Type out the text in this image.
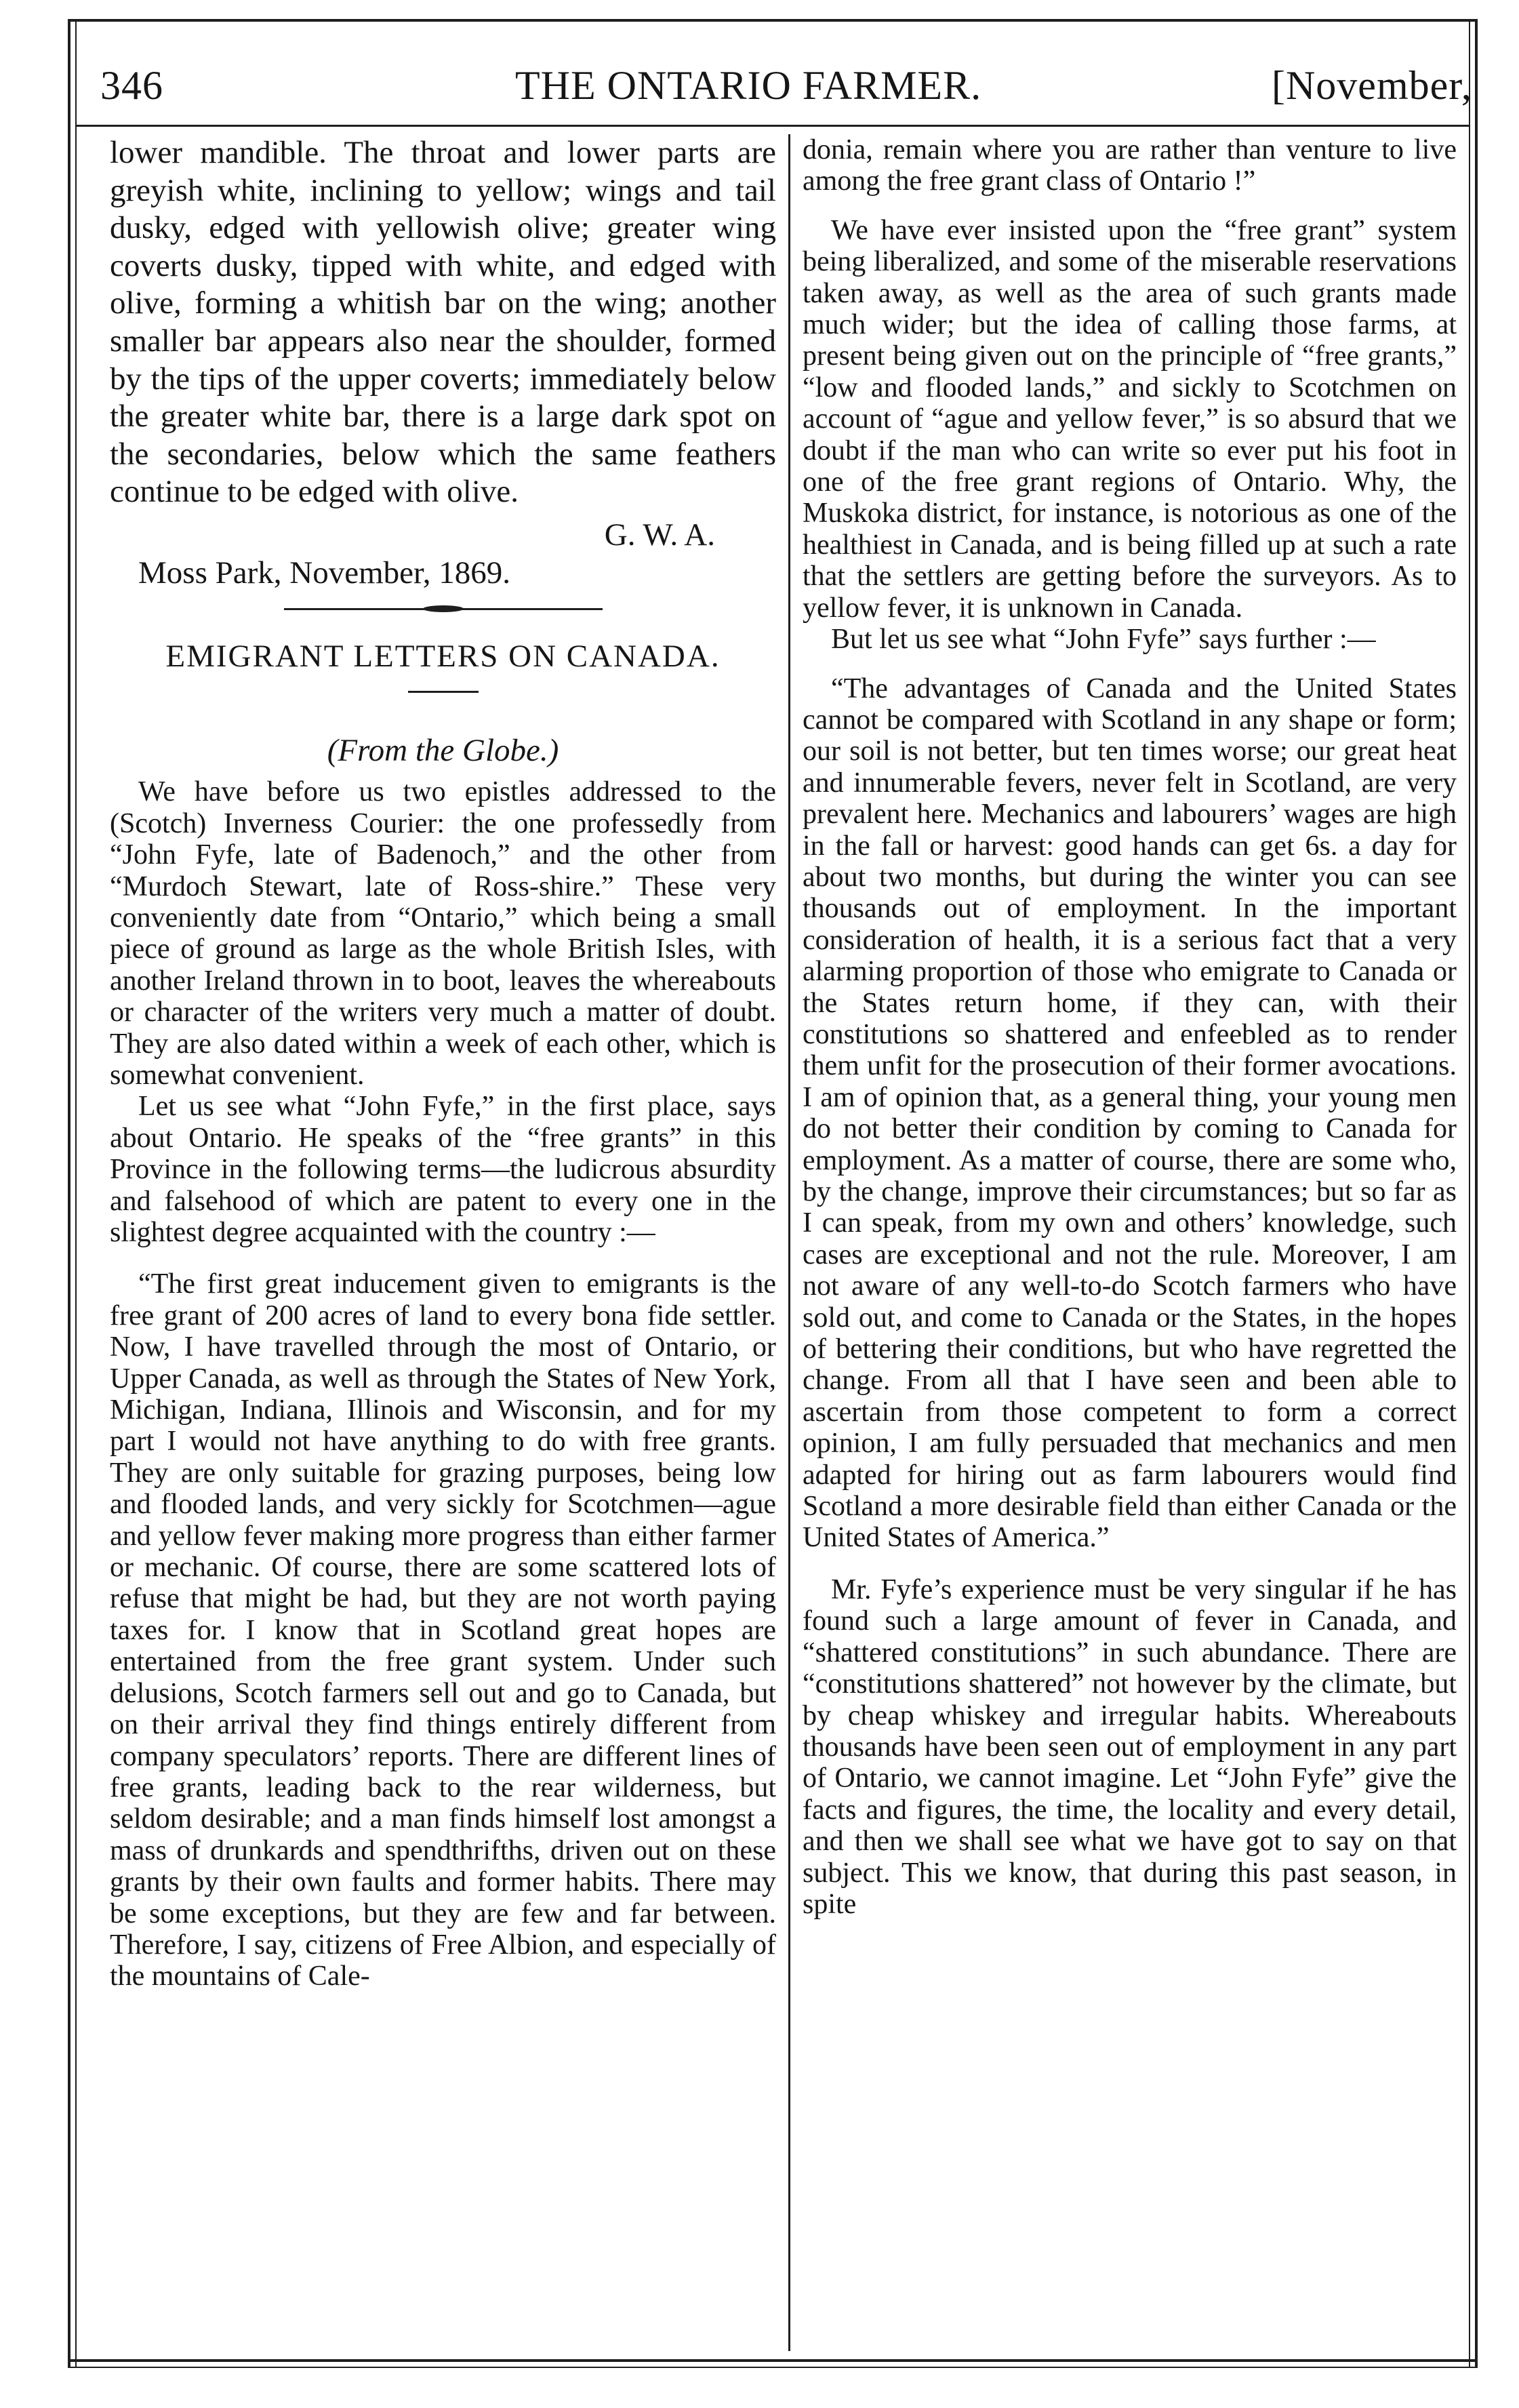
346	THE ONTARIO FARMER.	[November,

lower mandible. The throat and lower parts are greyish white, inclining to yellow; wings and tail dusky, edged with yellowish olive; greater wing coverts dusky, tipped with white, and edged with olive, forming a whitish bar on the wing; another smaller bar appears also near the shoulder, formed by the tips of the upper coverts; immediately below the greater white bar, there is a large dark spot on the secondaries, below which the same feathers continue to be edged with olive.

G. W. A.

Moss Park, November, 1869.

EMIGRANT LETTERS ON CANADA.

(From the Globe.)

We have before us two epistles addressed to the (Scotch) Inverness Courier: the one professedly from “John Fyfe, late of Badenoch,” and the other from “Murdoch Stewart, late of Ross-shire.” These very conveniently date from “Ontario,” which being a small piece of ground as large as the whole British Isles, with another Ireland thrown in to boot, leaves the whereabouts or character of the writers very much a matter of doubt. They are also dated within a week of each other, which is somewhat convenient.

Let us see what “John Fyfe,” in the first place, says about Ontario. He speaks of the “free grants” in this Province in the following terms—the ludicrous absurdity and falsehood of which are patent to every one in the slightest degree acquainted with the country :—

“The first great inducement given to emigrants is the free grant of 200 acres of land to every bona fide settler. Now, I have travelled through the most of Ontario, or Upper Canada, as well as through the States of New York, Michigan, Indiana, Illinois and Wisconsin, and for my part I would not have anything to do with free grants. They are only suitable for grazing purposes, being low and flooded lands, and very sickly for Scotchmen—ague and yellow fever making more progress than either farmer or mechanic. Of course, there are some scattered lots of refuse that might be had, but they are not worth paying taxes for. I know that in Scotland great hopes are entertained from the free grant system. Under such delusions, Scotch farmers sell out and go to Canada, but on their arrival they find things entirely different from company speculators’ reports. There are different lines of free grants, leading back to the rear wilderness, but seldom desirable; and a man finds himself lost amongst a mass of drunkards and spendthrifths, driven out on these grants by their own faults and former habits. There may be some exceptions, but they are few and far between. Therefore, I say, citizens of Free Albion, and especially of the mountains of Cale-

donia, remain where you are rather than venture to live among the free grant class of Ontario !”

We have ever insisted upon the “free grant” system being liberalized, and some of the miserable reservations taken away, as well as the area of such grants made much wider; but the idea of calling those farms, at present being given out on the principle of “free grants,” “low and flooded lands,” and sickly to Scotchmen on account of “ague and yellow fever,” is so absurd that we doubt if the man who can write so ever put his foot in one of the free grant regions of Ontario. Why, the Muskoka district, for instance, is notorious as one of the healthiest in Canada, and is being filled up at such a rate that the settlers are getting before the surveyors. As to yellow fever, it is unknown in Canada.

But let us see what “John Fyfe” says further :—

“The advantages of Canada and the United States cannot be compared with Scotland in any shape or form; our soil is not better, but ten times worse; our great heat and innumerable fevers, never felt in Scotland, are very prevalent here. Mechanics and labourers’ wages are high in the fall or harvest: good hands can get 6s. a day for about two months, but during the winter you can see thousands out of employment. In the important consideration of health, it is a serious fact that a very alarming proportion of those who emigrate to Canada or the States return home, if they can, with their constitutions so shattered and enfeebled as to render them unfit for the prosecution of their former avocations. I am of opinion that, as a general thing, your young men do not better their condition by coming to Canada for employment. As a matter of course, there are some who, by the change, improve their circumstances; but so far as I can speak, from my own and others’ knowledge, such cases are exceptional and not the rule. Moreover, I am not aware of any well-to-do Scotch farmers who have sold out, and come to Canada or the States, in the hopes of bettering their conditions, but who have regretted the change. From all that I have seen and been able to ascertain from those competent to form a correct opinion, I am fully persuaded that mechanics and men adapted for hiring out as farm labourers would find Scotland a more desirable field than either Canada or the United States of America.”

Mr. Fyfe’s experience must be very singular if he has found such a large amount of fever in Canada, and “shattered constitutions” in such abundance. There are “constitutions shattered” not however by the climate, but by cheap whiskey and irregular habits. Whereabouts thousands have been seen out of employment in any part of Ontario, we cannot imagine. Let “John Fyfe” give the facts and figures, the time, the locality and every detail, and then we shall see what we have got to say on that subject. This we know, that during this past season, in spite
